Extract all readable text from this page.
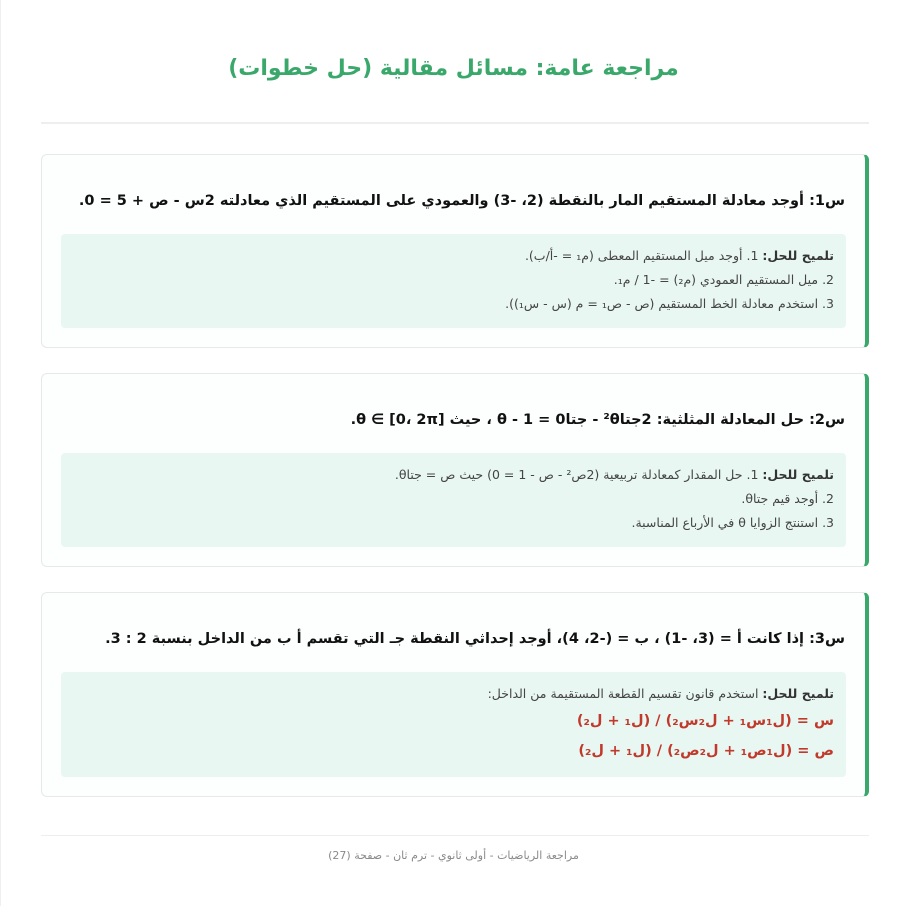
مراجعة عامة: مسائل مقالية (حل خطوات)
س1: أوجد معادلة المستقيم المار بالنقطة (2، -3) والعمودي على المستقيم الذي معادلته 2س - ص + 5 = 0.
تلميح للحل: 1. أوجد ميل المستقيم المعطى (م₁ = -أ/ب).
2. ميل المستقيم العمودي (م₂) = -1 / م₁.
3. استخدم معادلة الخط المستقيم (ص - ص₁ = م (س - س₁)).
س2: حل المعادلة المثلثية: 2جتا²θ - جتاθ - 1 = 0 ، حيث θ ∈ [0، 2π].
تلميح للحل: 1. حل المقدار كمعادلة تربيعية (2ص² - ص - 1 = 0) حيث ص = جتاθ.
2. أوجد قيم جتاθ.
3. استنتج الزوايا θ في الأرباع المناسبة.
س3: إذا كانت أ = (3، -1) ، ب = (-2، 4)، أوجد إحداثي النقطة جـ التي تقسم أ ب من الداخل بنسبة 2 : 3.
تلميح للحل: استخدم قانون تقسيم القطعة المستقيمة من الداخل:
س = (ل₁س₁ + ل₂س₂) / (ل₁ + ل₂)
ص = (ل₁ص₁ + ل₂ص₂) / (ل₁ + ل₂)
مراجعة الرياضيات - أولى ثانوي - ترم ثان - صفحة (27)
